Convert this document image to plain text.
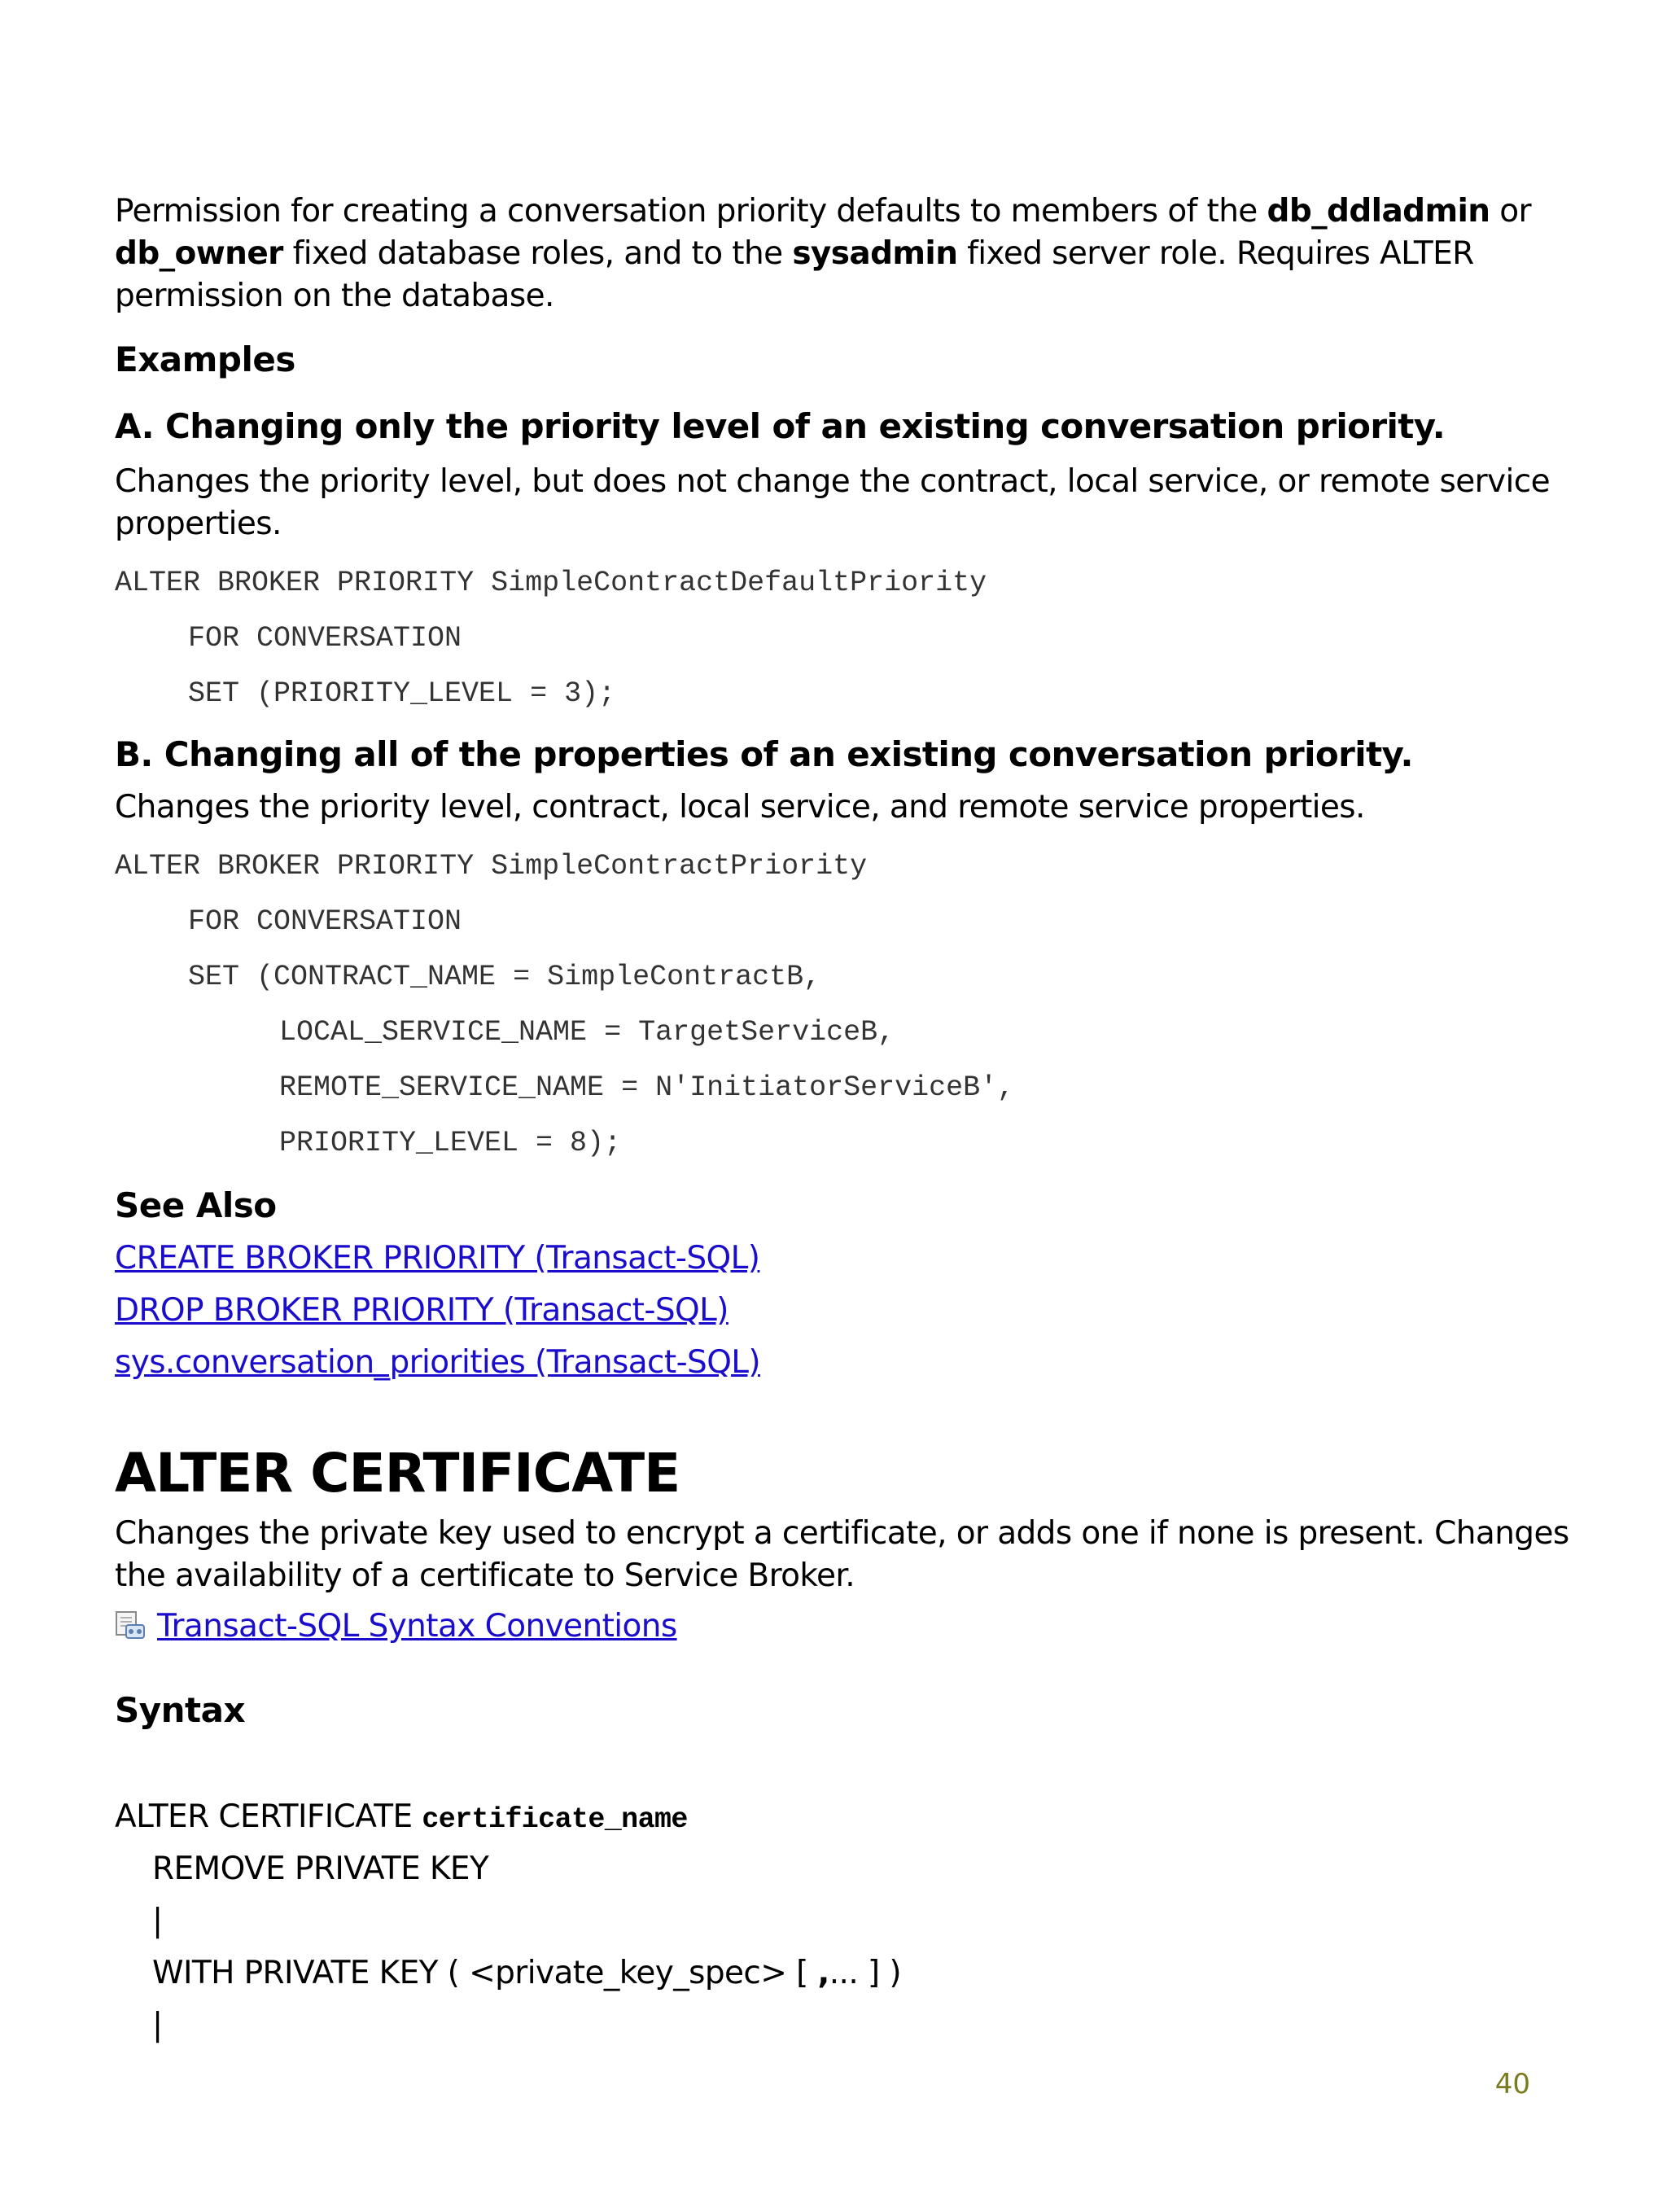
Permission for creating a conversation priority defaults to members of the db_ddladmin or
db_owner fixed database roles, and to the sysadmin fixed server role. Requires ALTER
permission on the database.
Examples
A. Changing only the priority level of an existing conversation priority.
Changes the priority level, but does not change the contract, local service, or remote service
properties.
ALTER BROKER PRIORITY SimpleContractDefaultPriority
FOR CONVERSATION
SET (PRIORITY_LEVEL = 3);
B. Changing all of the properties of an existing conversation priority.
Changes the priority level, contract, local service, and remote service properties.
ALTER BROKER PRIORITY SimpleContractPriority
FOR CONVERSATION
SET (CONTRACT_NAME = SimpleContractB,
LOCAL_SERVICE_NAME = TargetServiceB,
REMOTE_SERVICE_NAME = N'InitiatorServiceB',
PRIORITY_LEVEL = 8);
See Also
CREATE BROKER PRIORITY (Transact-SQL)
DROP BROKER PRIORITY (Transact-SQL)
sys.conversation_priorities (Transact-SQL)
ALTER CERTIFICATE
Changes the private key used to encrypt a certificate, or adds one if none is present. Changes
the availability of a certificate to Service Broker.
Transact-SQL Syntax Conventions
Syntax
ALTER CERTIFICATE certificate_name
REMOVE PRIVATE KEY
|
WITH PRIVATE KEY ( <private_key_spec> [ ,... ] )
|
40
